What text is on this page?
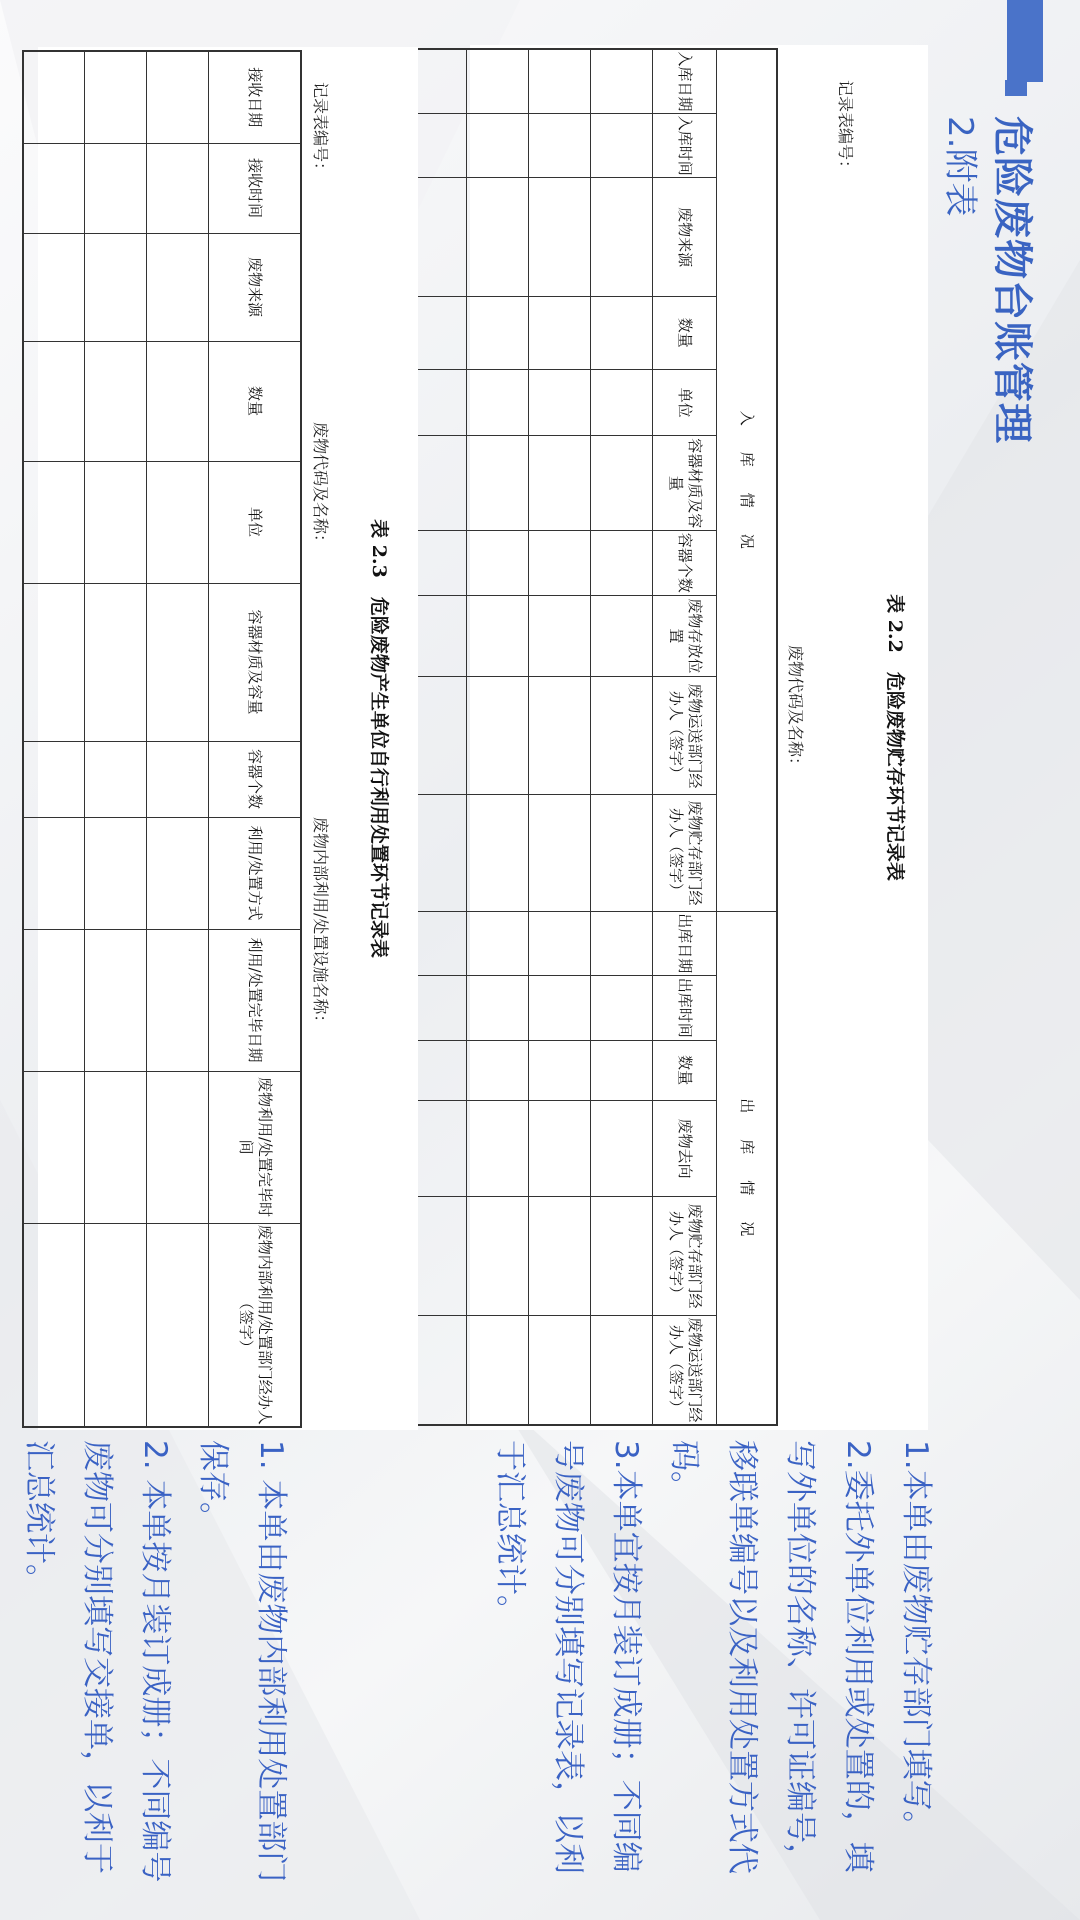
危险废物台账管理
2.附表
表 2.2　危险废物贮存环节记录表
记录表编号：
废物代码及名称：
入库情况										出库情况					
入库日期	入库时间	废物来源	数量	单位	容器材质及容量	容器个数	废物存放位置	废物运送部门经办人（签字）	废物贮存部门经办人（签字）	出库日期	出库时间	数量	废物去向	废物贮存部门经办人（签字）	废物运送部门经办人（签字）

表 2.3　危险废物产生单位自行利用处置环节记录表
记录表编号：
废物代码及名称：
废物内部利用/处置设施名称：
接收日期	接收时间	废物来源	数量	单位	容器材质及容量	容器个数	利用/处置方式	利用/处置完毕日期	废物利用/处置完毕时间	废物内部利用/处置部门经办人（签字）

1.本单由废物贮存部门填写。

2.委托外单位利用或处置的，填写外单位的名称、许可证编号，移联单编号以及利用处置方式代码。

3.本单宜按月装订成册；不同编号废物可分别填写记录表，以利于汇总统计。

1. 本单由废物内部利用处置部门保存。

2. 本单按月装订成册；不同编号废物可分别填写交接单，以利于汇总统计。
